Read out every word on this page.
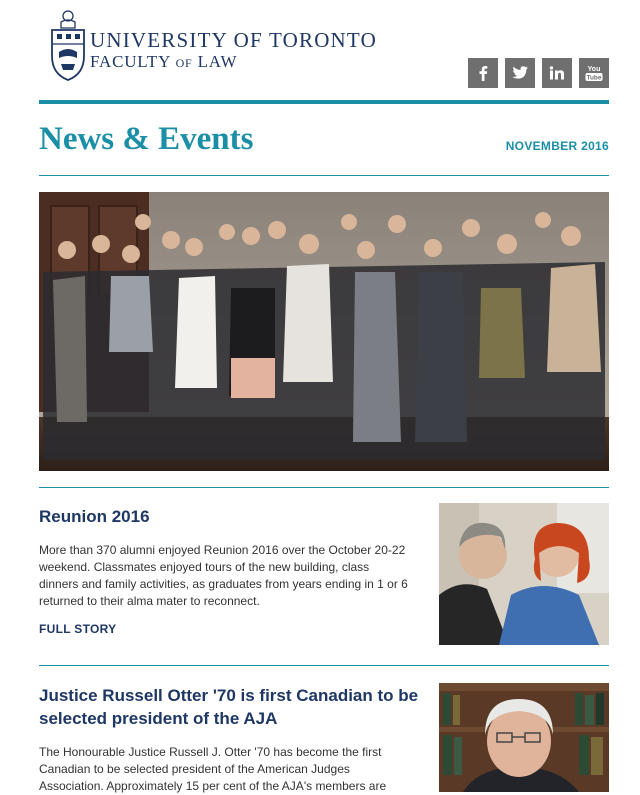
UNIVERSITY OF TORONTO
FACULTY OF LAW	You
Tube
News & Events	NOVEMBER 2016
Reunion 2016

More than 370 alumni enjoyed Reunion 2016 over the October 20-22 weekend. Classmates enjoyed tours of the new building, class dinners and family activities, as graduates from years ending in 1 or 6 returned to their alma mater to reconnect.

FULL STORY
Justice Russell Otter '70 is first Canadian to be selected president of the AJA

The Honourable Justice Russell J. Otter '70 has become the first Canadian to be selected president of the American Judges Association. Approximately 15 per cent of the AJA's members are
